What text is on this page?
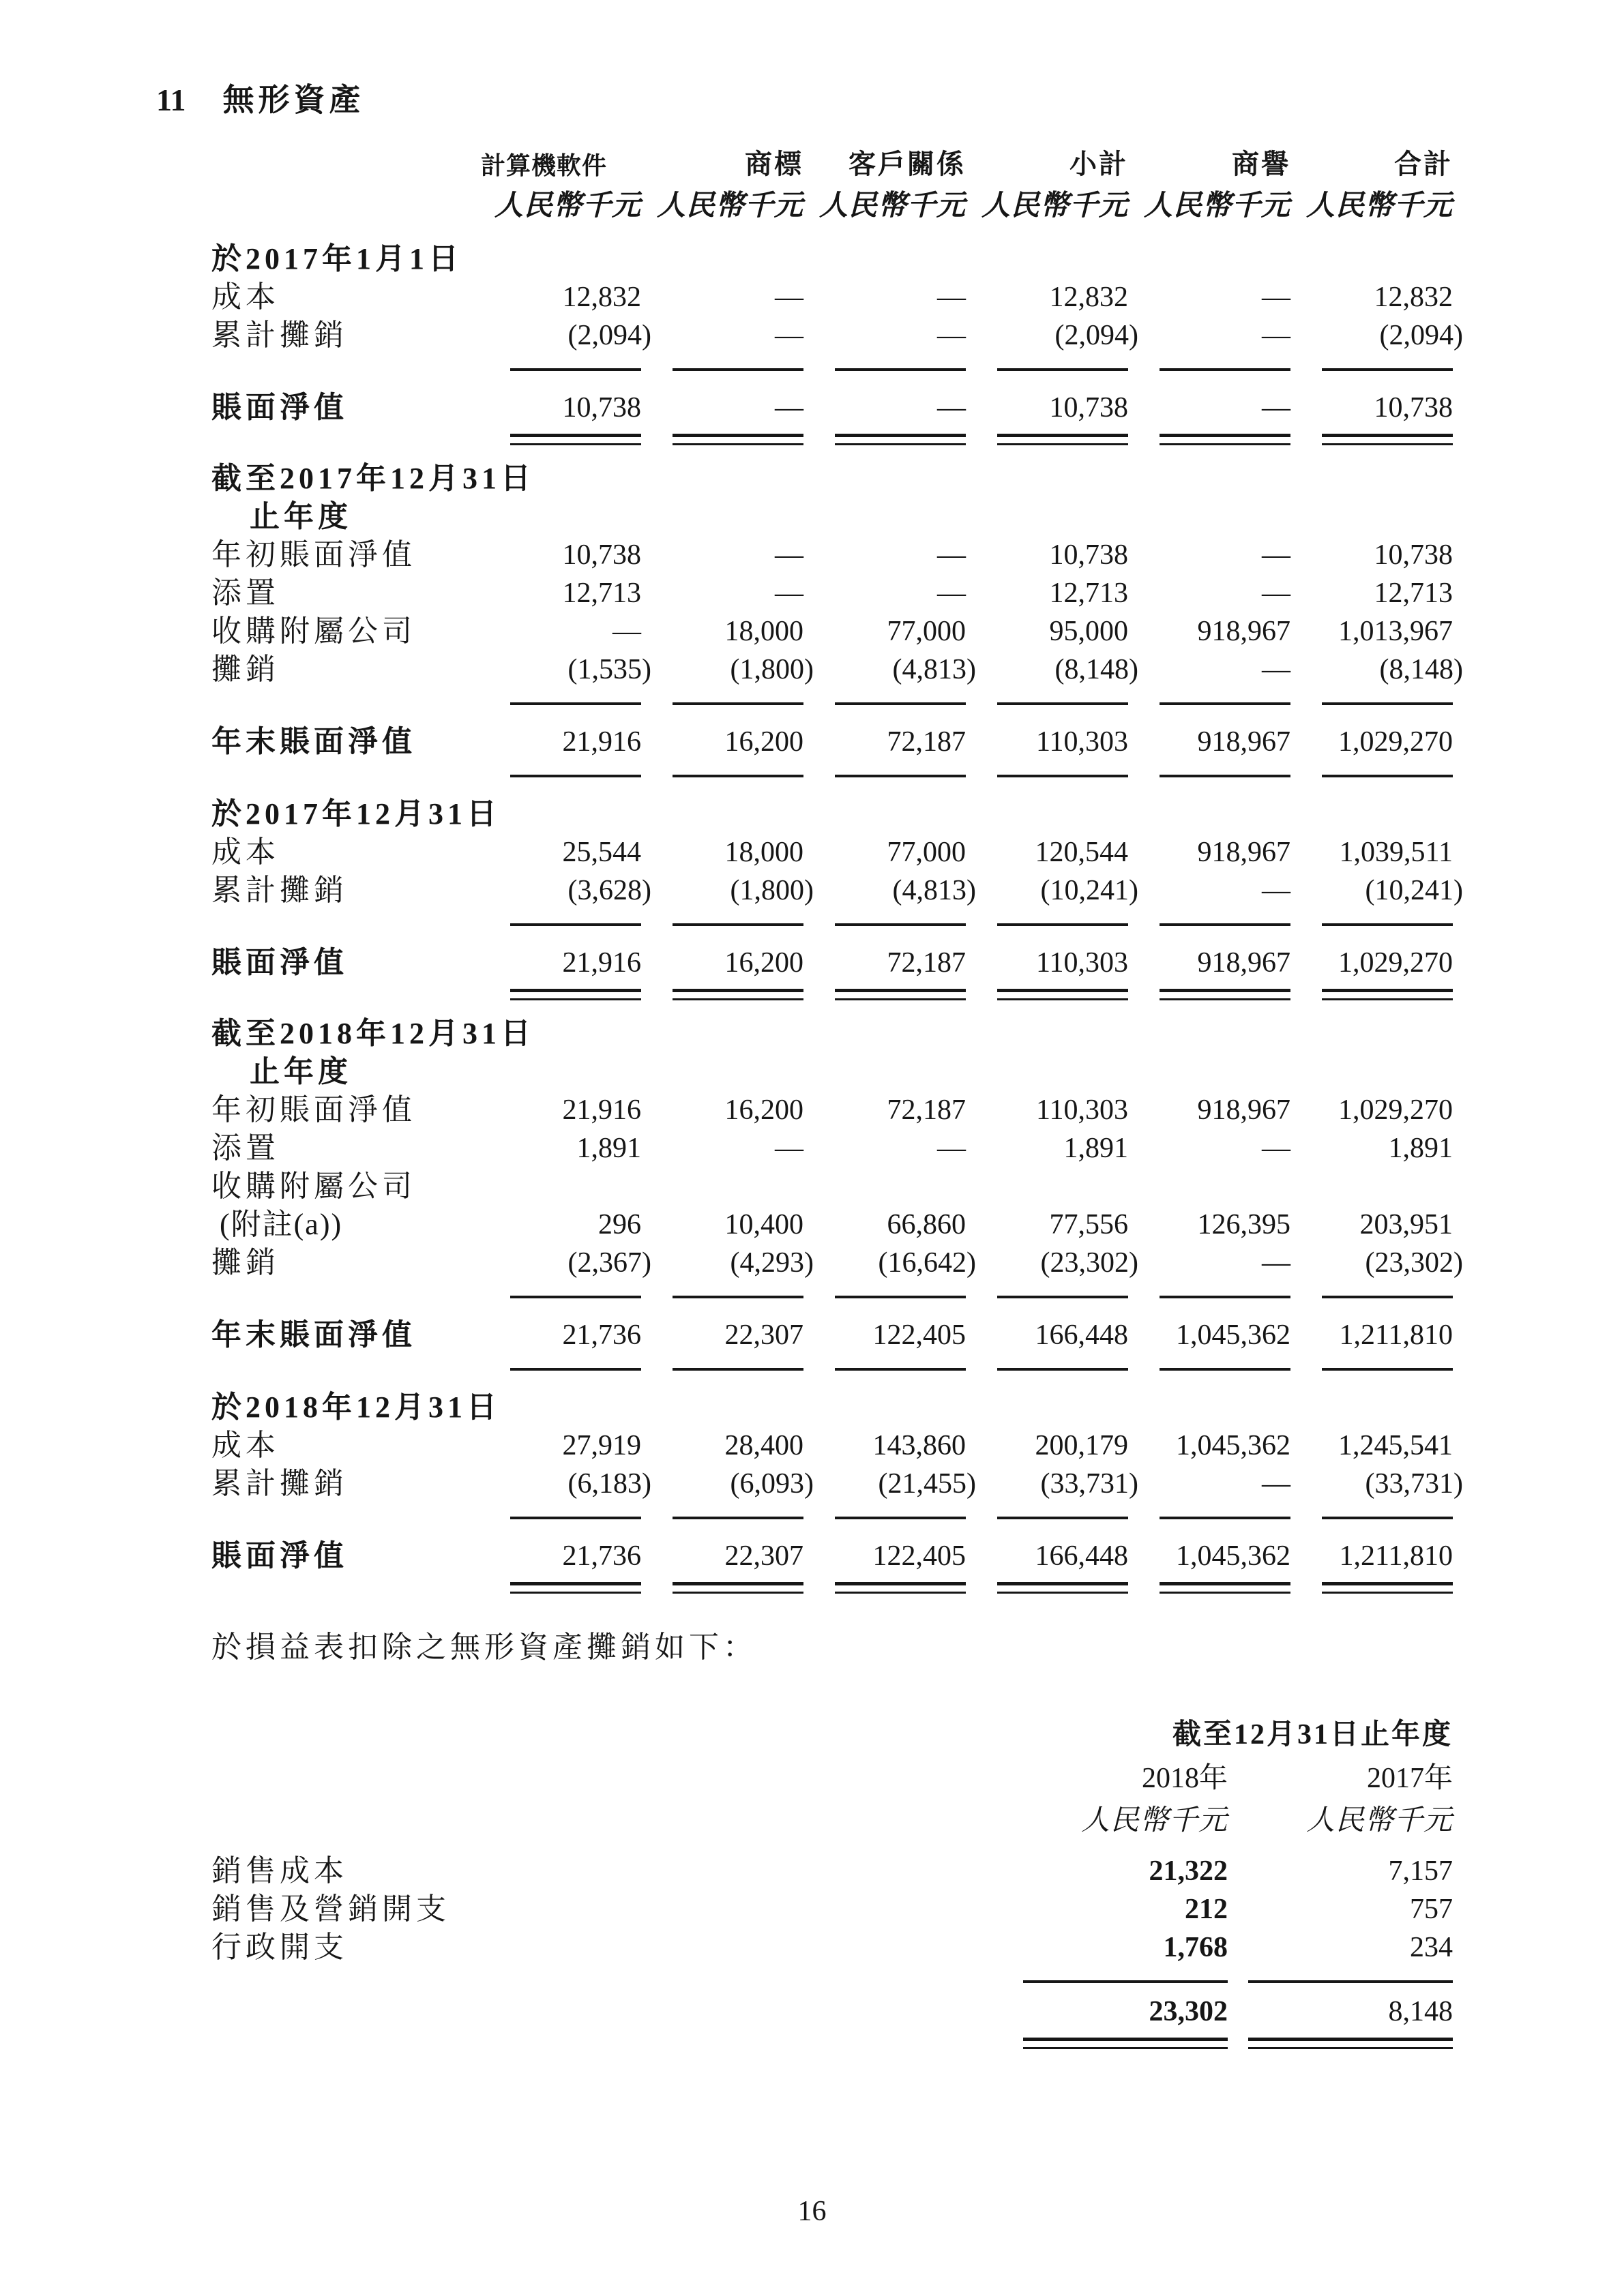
11 無形資產
	計算機軟件	商標	客戶關係	小計	商譽	合計
	人民幣千元	人民幣千元	人民幣千元	人民幣千元	人民幣千元	人民幣千元

於2017年1月1日						

成本	12,832	—	—	12,832	—	12,832

累計攤銷	(2,094)	—	—	(2,094)	—	(2,094)

賬面淨值	10,738	—	—	10,738	—	10,738

截至2017年12月31日
止年度						

年初賬面淨值	10,738	—	—	10,738	—	10,738

添置	12,713	—	—	12,713	—	12,713

收購附屬公司	—	18,000	77,000	95,000	918,967	1,013,967

攤銷	(1,535)	(1,800)	(4,813)	(8,148)	—	(8,148)

年末賬面淨值	21,916	16,200	72,187	110,303	918,967	1,029,270

於2017年12月31日						

成本	25,544	18,000	77,000	120,544	918,967	1,039,511

累計攤銷	(3,628)	(1,800)	(4,813)	(10,241)	—	(10,241)

賬面淨值	21,916	16,200	72,187	110,303	918,967	1,029,270

截至2018年12月31日
止年度						

年初賬面淨值	21,916	16,200	72,187	110,303	918,967	1,029,270

添置	1,891	—	—	1,891	—	1,891

收購附屬公司
(附註(a))	296	10,400	66,860	77,556	126,395	203,951

攤銷	(2,367)	(4,293)	(16,642)	(23,302)	—	(23,302)

年末賬面淨值	21,736	22,307	122,405	166,448	1,045,362	1,211,810

於2018年12月31日						

成本	27,919	28,400	143,860	200,179	1,045,362	1,245,541

累計攤銷	(6,183)	(6,093)	(21,455)	(33,731)	—	(33,731)

賬面淨值	21,736	22,307	122,405	166,448	1,045,362	1,211,810

於損益表扣除之無形資產攤銷如下：
	截至12月31日止年度	
	2018年	2017年
	人民幣千元	人民幣千元

銷售成本	21,322	7,157

銷售及營銷開支	212	757

行政開支	1,768	234

	23,302	8,148

16
